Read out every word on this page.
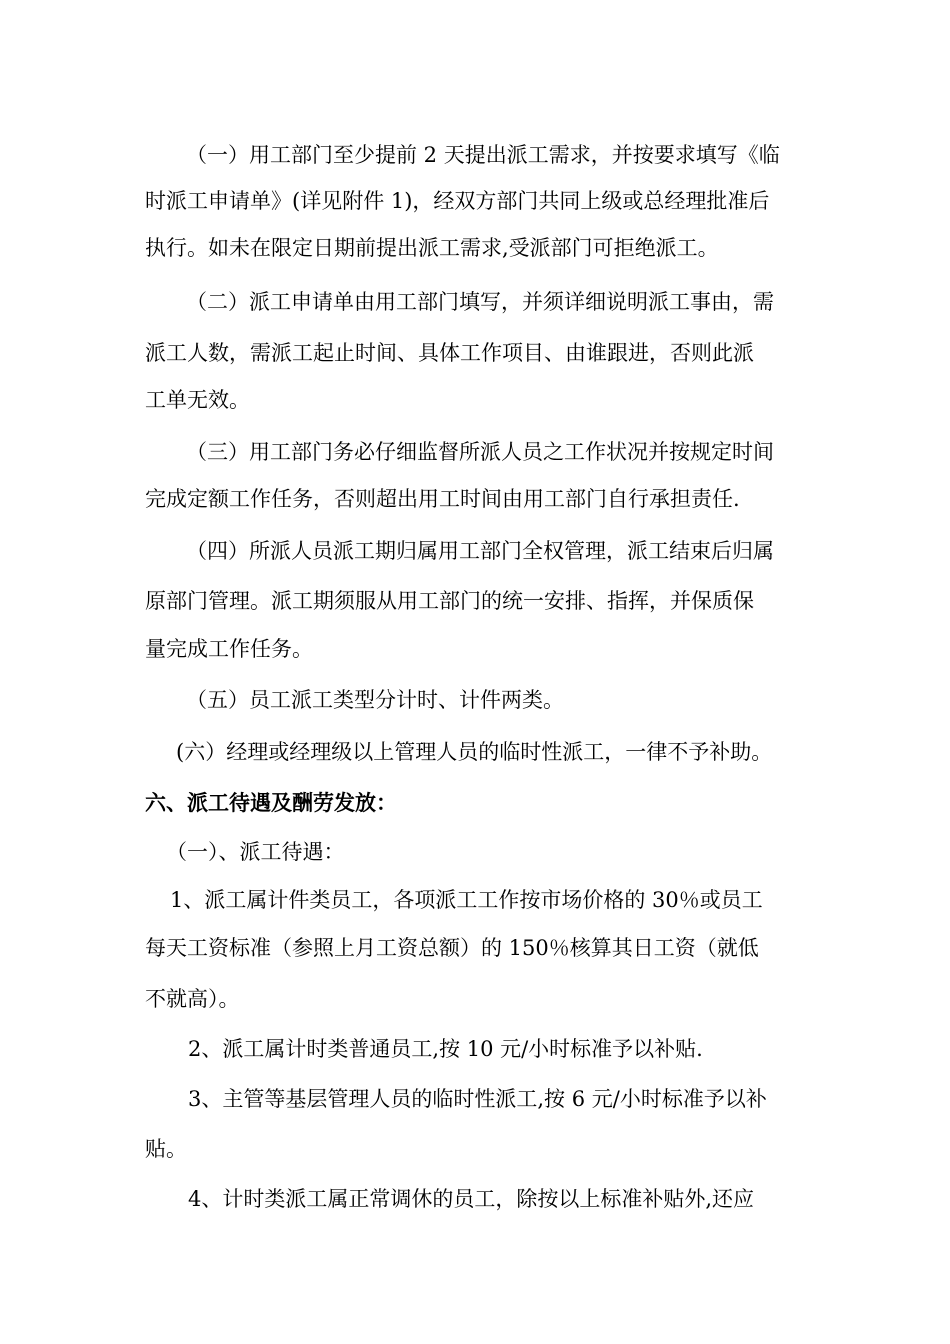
（一）用工部门至少提前 2 天提出派工需求，并按要求填写《临
时派工申请单》(详见附件 1)，经双方部门共同上级或总经理批准后
执行。如未在限定日期前提出派工需求,受派部门可拒绝派工。
（二）派工申请单由用工部门填写，并须详细说明派工事由，需
派工人数，需派工起止时间、具体工作项目、由谁跟进，否则此派
工单无效。
（三）用工部门务必仔细监督所派人员之工作状况并按规定时间
完成定额工作任务，否则超出用工时间由用工部门自行承担责任.
（四）所派人员派工期归属用工部门全权管理，派工结束后归属
原部门管理。派工期须服从用工部门的统一安排、指挥，并保质保
量完成工作任务。
（五）员工派工类型分计时、计件两类。
(六）经理或经理级以上管理人员的临时性派工，一律不予补助。
六、派工待遇及酬劳发放：
（一）、派工待遇：
1、派工属计件类员工，各项派工工作按市场价格的 30％或员工
每天工资标准（参照上月工资总额）的 150％核算其日工资（就低
不就高）。
2、派工属计时类普通员工,按 10 元/小时标准予以补贴.
3、主管等基层管理人员的临时性派工,按 6 元/小时标准予以补
贴。
4、计时类派工属正常调休的员工，除按以上标准补贴外,还应
